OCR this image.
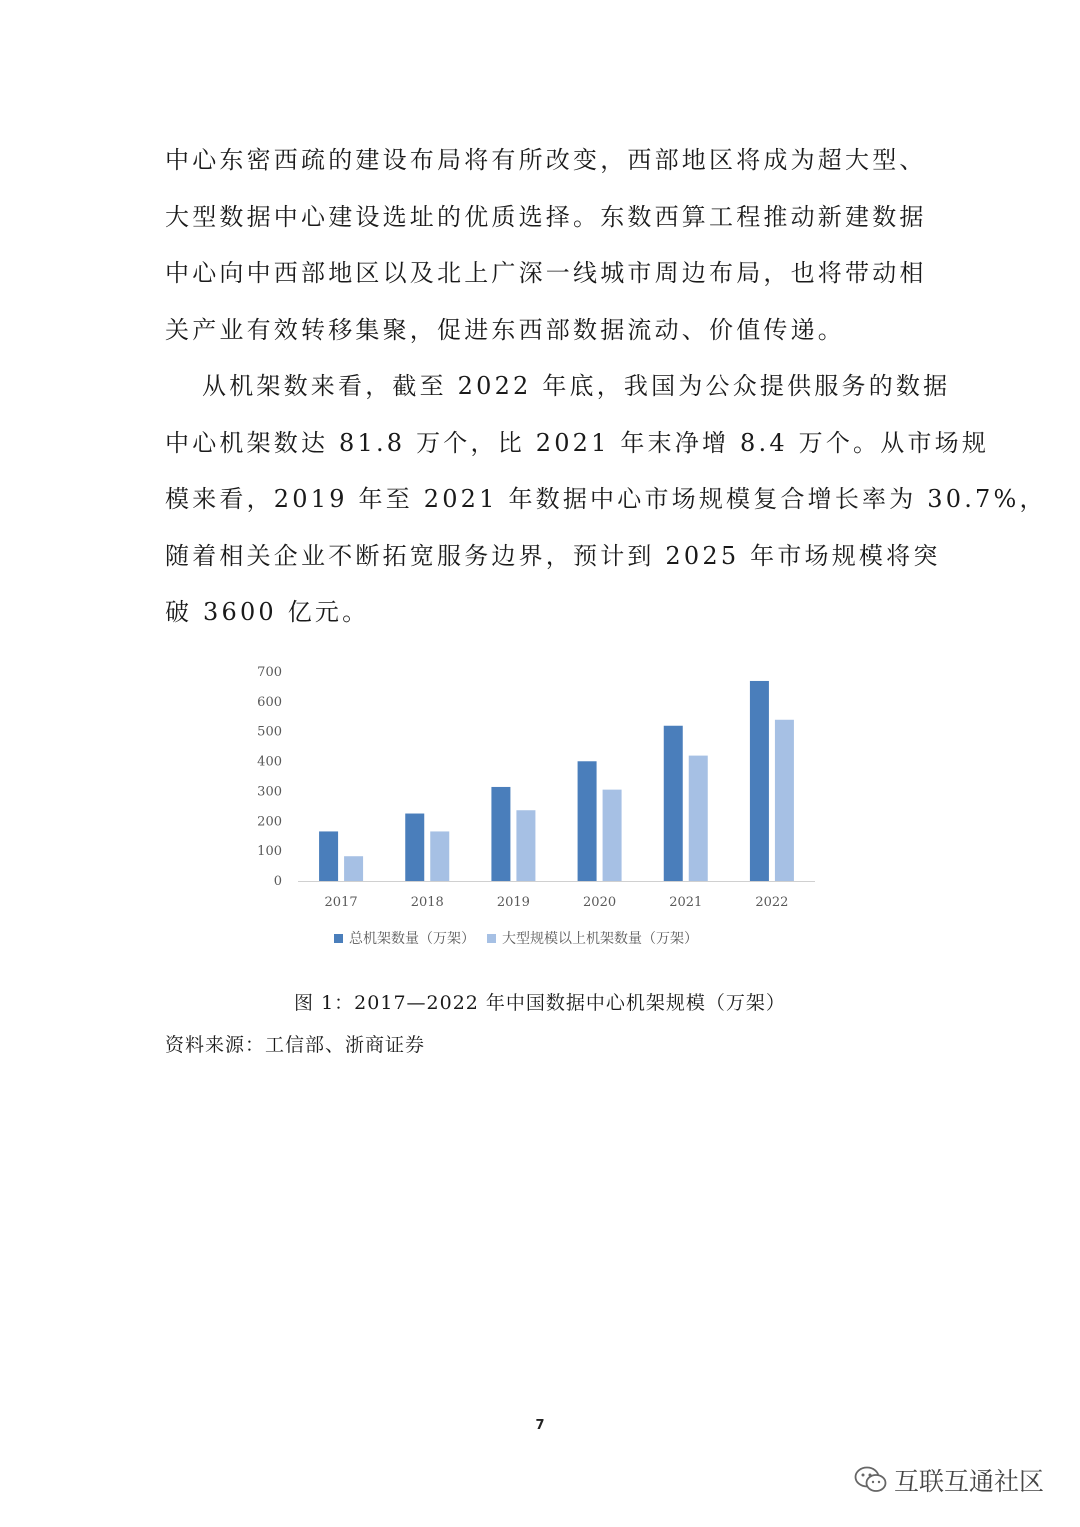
中心东密西疏的建设布局将有所改变，西部地区将成为超大型、
大型数据中心建设选址的优质选择。东数西算工程推动新建数据
中心向中西部地区以及北上广深一线城市周边布局，也将带动相
关产业有效转移集聚，促进东西部数据流动、价值传递。
从机架数来看，截至 2022 年底，我国为公众提供服务的数据
中心机架数达 81.8 万个，比 2021 年末净增 8.4 万个。从市场规
模来看，2019 年至 2021 年数据中心市场规模复合增长率为 30.7%，
随着相关企业不断拓宽服务边界，预计到 2025 年市场规模将突
破 3600 亿元。
0
100
200
300
400
500
600
700
2017	2018	2019	2020	2021	2022
总机架数量（万架） 大型规模以上机架数量（万架）
图 1：2017—2022 年中国数据中心机架规模（万架）
资料来源：工信部、浙商证券
7
互联互通社区
